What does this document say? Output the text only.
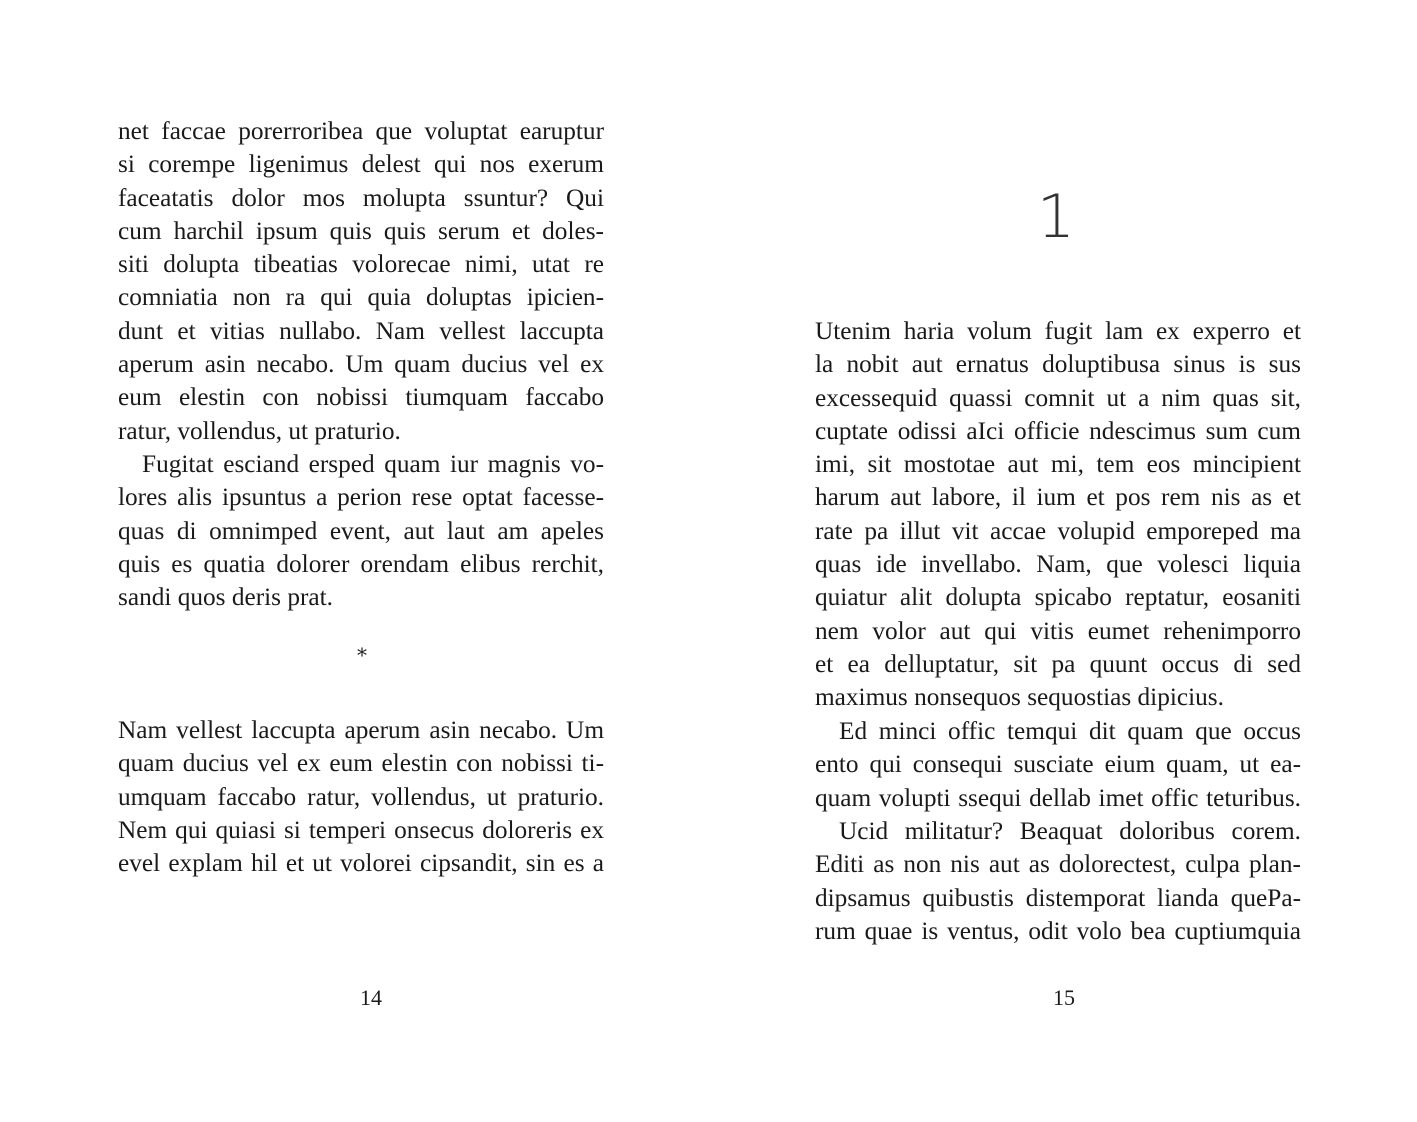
net faccae porerroribea que voluptat earuptur
si corempe ligenimus delest qui nos exerum
faceatatis dolor mos molupta ssuntur? Qui
cum harchil ipsum quis quis serum et doles-
siti dolupta tibeatias volorecae nimi, utat re
comniatia non ra qui quia doluptas ipicien-
dunt et vitias nullabo. Nam vellest laccupta
aperum asin necabo. Um quam ducius vel ex
eum elestin con nobissi tiumquam faccabo
ratur, vollendus, ut praturio.
Fugitat esciand ersped quam iur magnis vo-
lores alis ipsuntus a perion rese optat facesse-
quas di omnimped event, aut laut am apeles
quis es quatia dolorer orendam elibus rerchit,
sandi quos deris prat.
*
Nam vellest laccupta aperum asin necabo. Um
quam ducius vel ex eum elestin con nobissi ti-
umquam faccabo ratur, vollendus, ut praturio.
Nem qui quiasi si temperi onsecus doloreris ex
evel explam hil et ut volorei cipsandit, sin es a
14
1
Utenim haria volum fugit lam ex experro et
la nobit aut ernatus doluptibusa sinus is sus
excessequid quassi comnit ut a nim quas sit,
cuptate odissi aIci officie ndescimus sum cum
imi, sit mostotae aut mi, tem eos mincipient
harum aut labore, il ium et pos rem nis as et
rate pa illut vit accae volupid emporeped ma
quas ide invellabo. Nam, que volesci liquia
quiatur alit dolupta spicabo reptatur, eosaniti
nem volor aut qui vitis eumet rehenimporro
et ea delluptatur, sit pa quunt occus di sed
maximus nonsequos sequostias dipicius.
Ed minci offic temqui dit quam que occus
ento qui consequi susciate eium quam, ut ea-
quam volupti ssequi dellab imet offic teturibus.
Ucid militatur? Beaquat doloribus corem.
Editi as non nis aut as dolorectest, culpa plan-
dipsamus quibustis distemporat lianda quePa-
rum quae is ventus, odit volo bea cuptiumquia
15
